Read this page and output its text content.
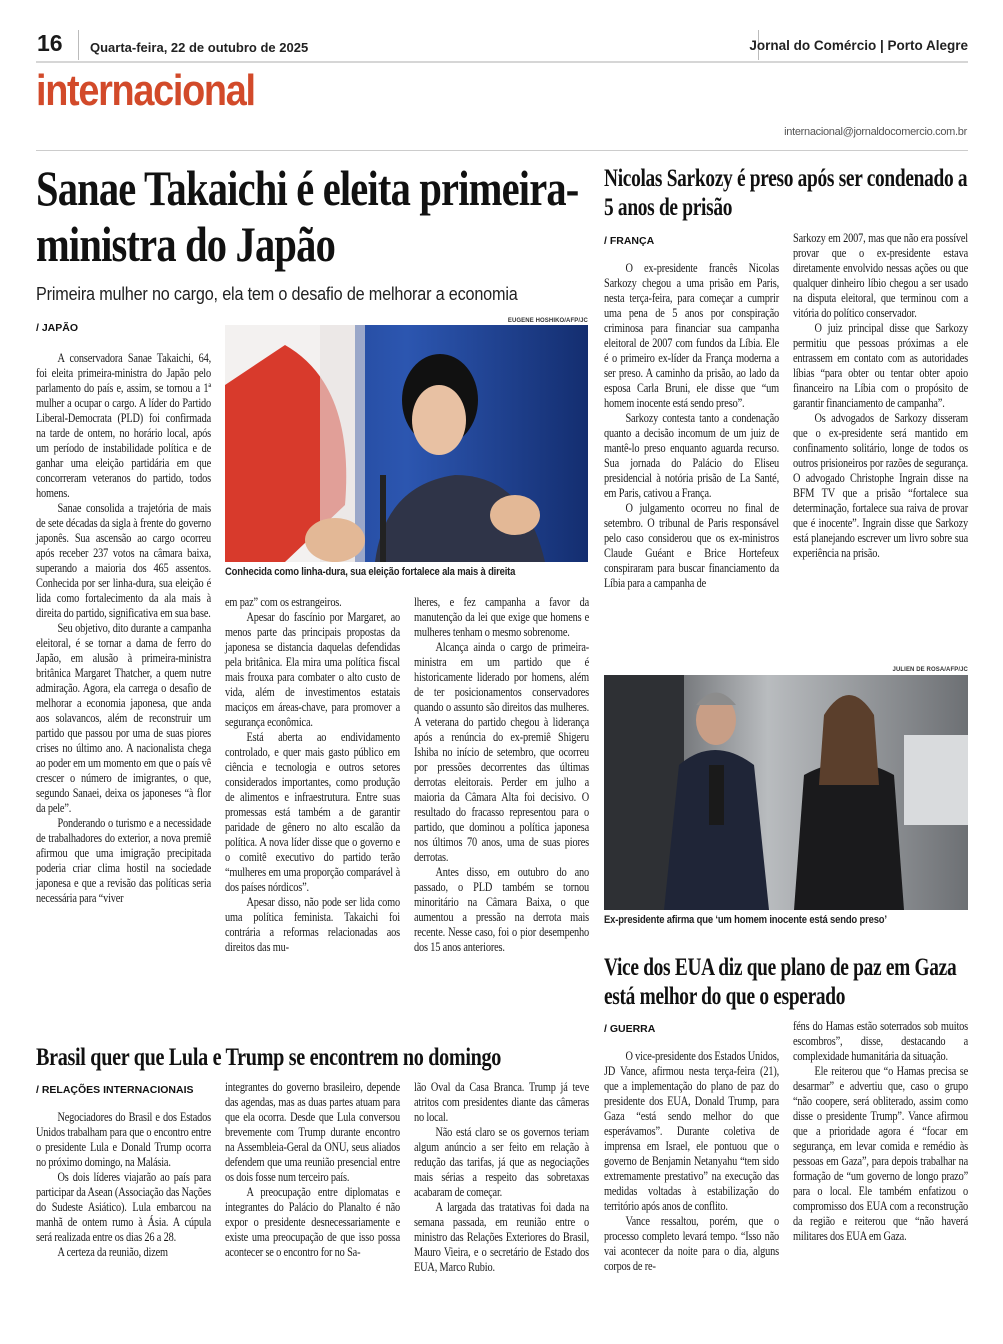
16 Quarta-feira, 22 de outubro de 2025	Jornal do Comércio | Porto Alegre
internacional
internacional@jornaldocomercio.com.br
Sanae Takaichi é eleita primeira-ministra do Japão
Primeira mulher no cargo, ela tem o desafio de melhorar a economia
/ JAPÃO

A conservadora Sanae Takaichi, 64, foi eleita primeira-ministra do Japão pelo parlamento do país e, assim, se tornou a 1ª mulher a ocupar o cargo. A líder do Partido Liberal-Democrata (PLD) foi confirmada na tarde de ontem, no horário local, após um período de instabilidade política e de ganhar uma eleição partidária em que concorreram veteranos do partido, todos homens.

Sanae consolida a trajetória de mais de sete décadas da sigla à frente do governo japonês. Sua ascensão ao cargo ocorreu após receber 237 votos na câmara baixa, superando a maioria dos 465 assentos. Conhecida por ser linha-dura, sua eleição é lida como fortalecimento da ala mais à direita do partido, significativa em sua base.

Seu objetivo, dito durante a campanha eleitoral, é se tornar a dama de ferro do Japão, em alusão à primeira-ministra britânica Margaret Thatcher, a quem nutre admiração. Agora, ela carrega o desafio de melhorar a economia japonesa, que anda aos solavancos, além de reconstruir um partido que passou por uma de suas piores crises no último ano. A nacionalista chega ao poder em um momento em que o país vê crescer o número de imigrantes, o que, segundo Sanaei, deixa os japoneses “à flor da pele”.

Ponderando o turismo e a necessidade de trabalhadores do exterior, a nova premiê afirmou que uma imigração precipitada poderia criar clima hostil na sociedade japonesa e que a revisão das políticas seria necessária para “viver

EUGENE HOSHIKO/AFP/JC
Conhecida como linha-dura, sua eleição fortalece ala mais à direita

em paz” com os estrangeiros.

Apesar do fascínio por Margaret, ao menos parte das principais propostas da japonesa se distancia daquelas defendidas pela britânica. Ela mira uma política fiscal mais frouxa para combater o alto custo de vida, além de investimentos estatais maciços em áreas-chave, para promover a segurança econômica.

Está aberta ao endividamento controlado, e quer mais gasto público em ciência e tecnologia e outros setores considerados importantes, como produção de alimentos e infraestrutura. Entre suas promessas está também a de garantir paridade de gênero no alto escalão da política. A nova líder disse que o governo e o comitê executivo do partido terão “mulheres em uma proporção comparável à dos países nórdicos”.

Apesar disso, não pode ser lida como uma política feminista. Takaichi foi contrária a reformas relacionadas aos direitos das mu-

lheres, e fez campanha a favor da manutenção da lei que exige que homens e mulheres tenham o mesmo sobrenome.

Alcança ainda o cargo de primeira-ministra em um partido que é historicamente liderado por homens, além de ter posicionamentos conservadores quando o assunto são direitos das mulheres. A veterana do partido chegou à liderança após a renúncia do ex-premiê Shigeru Ishiba no início de setembro, que ocorreu por pressões decorrentes das últimas derrotas eleitorais. Perder em julho a maioria da Câmara Alta foi decisivo. O resultado do fracasso representou para o partido, que dominou a política japonesa nos últimos 70 anos, uma de suas piores derrotas.

Antes disso, em outubro do ano passado, o PLD também se tornou minoritário na Câmara Baixa, o que aumentou a pressão na derrota mais recente. Nesse caso, foi o pior desempenho dos 15 anos anteriores.

Nicolas Sarkozy é preso após ser condenado a 5 anos de prisão
/ FRANÇA

O ex-presidente francês Nicolas Sarkozy chegou a uma prisão em Paris, nesta terça-feira, para começar a cumprir uma pena de 5 anos por conspiração criminosa para financiar sua campanha eleitoral de 2007 com fundos da Líbia. Ele é o primeiro ex-líder da França moderna a ser preso. A caminho da prisão, ao lado da esposa Carla Bruni, ele disse que “um homem inocente está sendo preso”.

Sarkozy contesta tanto a condenação quanto a decisão incomum de um juiz de mantê-lo preso enquanto aguarda recurso. Sua jornada do Palácio do Eliseu presidencial à notória prisão de La Santé, em Paris, cativou a França.

O julgamento ocorreu no final de setembro. O tribunal de Paris responsável pelo caso considerou que os ex-ministros Claude Guéant e Brice Hortefeux conspiraram para buscar financiamento da Líbia para a campanha de

Sarkozy em 2007, mas que não era possível provar que o ex-presidente estava diretamente envolvido nessas ações ou que qualquer dinheiro líbio chegou a ser usado na disputa eleitoral, que terminou com a vitória do político conservador.

O juiz principal disse que Sarkozy permitiu que pessoas próximas a ele entrassem em contato com as autoridades líbias “para obter ou tentar obter apoio financeiro na Líbia com o propósito de garantir financiamento de campanha”.

Os advogados de Sarkozy disseram que o ex-presidente será mantido em confinamento solitário, longe de todos os outros prisioneiros por razões de segurança. O advogado Christophe Ingrain disse na BFM TV que a prisão “fortalece sua determinação, fortalece sua raiva de provar que é inocente”. Ingrain disse que Sarkozy está planejando escrever um livro sobre sua experiência na prisão.

JULIEN DE ROSA/AFP/JC
Ex-presidente afirma que ‘um homem inocente está sendo preso’
Vice dos EUA diz que plano de paz em Gaza está melhor do que o esperado
/ GUERRA

O vice-presidente dos Estados Unidos, JD Vance, afirmou nesta terça-feira (21), que a implementação do plano de paz do presidente dos EUA, Donald Trump, para Gaza “está sendo melhor do que esperávamos”. Durante coletiva de imprensa em Israel, ele pontuou que o governo de Benjamin Netanyahu “tem sido extremamente prestativo” na execução das medidas voltadas à estabilização do território após anos de conflito.

Vance ressaltou, porém, que o processo completo levará tempo. “Isso não vai acontecer da noite para o dia, alguns corpos de re-

féns do Hamas estão soterrados sob muitos escombros”, disse, destacando a complexidade humanitária da situação.

Ele reiterou que “o Hamas precisa se desarmar” e advertiu que, caso o grupo “não coopere, será obliterado, assim como disse o presidente Trump”. Vance afirmou que a prioridade agora é “focar em segurança, em levar comida e remédio às pessoas em Gaza”, para depois trabalhar na formação de “um governo de longo prazo” para o local. Ele também enfatizou o compromisso dos EUA com a reconstrução da região e reiterou que “não haverá militares dos EUA em Gaza.

Brasil quer que Lula e Trump se encontrem no domingo
/ RELAÇÕES INTERNACIONAIS

Negociadores do Brasil e dos Estados Unidos trabalham para que o encontro entre o presidente Lula e Donald Trump ocorra no próximo domingo, na Malásia.

Os dois líderes viajarão ao país para participar da Asean (Associação das Nações do Sudeste Asiático). Lula embarcou na manhã de ontem rumo à Ásia. A cúpula será realizada entre os dias 26 a 28.

A certeza da reunião, dizem

integrantes do governo brasileiro, depende das agendas, mas as duas partes atuam para que ela ocorra. Desde que Lula conversou brevemente com Trump durante encontro na Assembleia-Geral da ONU, seus aliados defendem que uma reunião presencial entre os dois fosse num terceiro país.

A preocupação entre diplomatas e integrantes do Palácio do Planalto é não expor o presidente desnecessariamente e existe uma preocupação de que isso possa acontecer se o encontro for no Sa-

lão Oval da Casa Branca. Trump já teve atritos com presidentes diante das câmeras no local.

Não está claro se os governos teriam algum anúncio a ser feito em relação à redução das tarifas, já que as negociações mais sérias a respeito das sobretaxas acabaram de começar.

A largada das tratativas foi dada na semana passada, em reunião entre o ministro das Relações Exteriores do Brasil, Mauro Vieira, e o secretário de Estado dos EUA, Marco Rubio.
